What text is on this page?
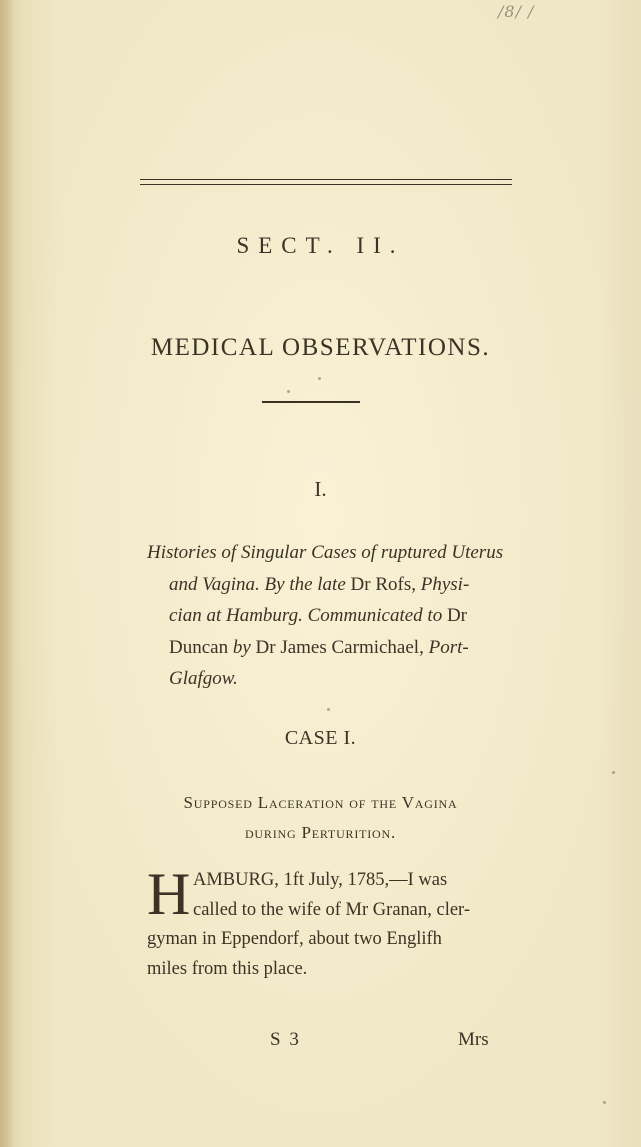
/8/ /
SECT. II.
MEDICAL OBSERVATIONS.
I.
Histories of Singular Cases of ruptured Uterus
and Vagina. By the late Dr Rofs, Physi-
cian at Hamburg. Communicated to Dr
Duncan by Dr James Carmichael, Port-
Glafgow.
CASE I.
Supposed Laceration of the Vagina
during Perturition.
H AMBURG, 1ft July, 1785,—I was
called to the wife of Mr Granan, cler-
gyman in Eppendorf, about two Englifh
miles from this place.
S 3	Mrs
